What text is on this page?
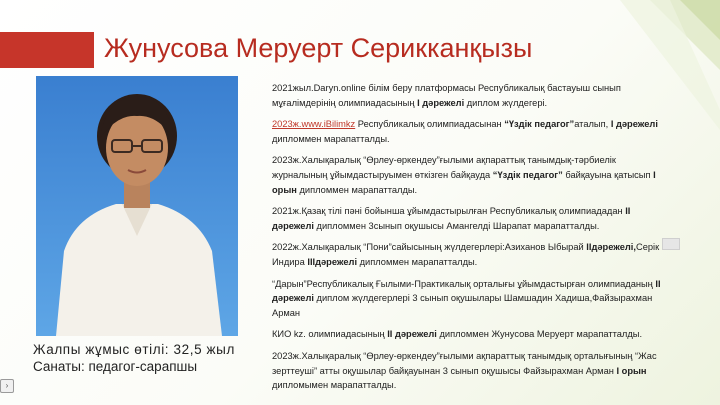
Жунусова Меруерт Серикканқызы
Жалпы жұмыс өтілі: 32,5 жыл
Санаты: педагог-сарапшы

2021жыл.Daryn.online білім беру платформасы Республикалық бастауыш сынып мұғалімдерінің олимпиадасының І дәрежелі диплом жүлдегері.

2023ж.www.iBilimkz Республикалық олимпиадасынан “Үздік педагог”аталып, І дәрежелі дипломмен марапатталды.

2023ж.Халықаралық “Өрлеу-өркендеу”ғылыми ақпараттық танымдық-тәрбиелік журналының ұйымдастыруымен өткізген байқауда “Үздік педагог” байқауына қатысып І орын дипломмен марапатталды.

2021ж.Қазақ тілі пәні бойынша ұйымдастырылған Республикалық олимпиададан ІІ дәрежелі дипломмен 3сынып оқушысы Амангелді Шарапат марапатталды.

2022ж.Халықаралық “Пони”сайысының жүлдегерлері:Азиханов Ыбырай ІІдәрежелі,Серік Индира ІІІдәрежелі дипломмен марапатталды.

“Дарын”Республикалық Ғылыми-Практикалық орталығы ұйымдастырған олимпиаданың ІІ дәрежелі диплом жүлдегерлері 3 сынып оқушылары Шамшадин Хадиша,Файзырахман Арман

КИО kz. олимпиадасының ІІ дәрежелі дипломмен Жунусова Меруерт марапатталды.

2023ж.Халықаралық “Өрлеу-өркендеу”ғылыми ақпараттық танымдық орталығының “Жас зерттеуші” атты оқушылар байқауынан 3 сынып оқушысы Файзырахман Арман І орын дипломымен марапатталды.

›
